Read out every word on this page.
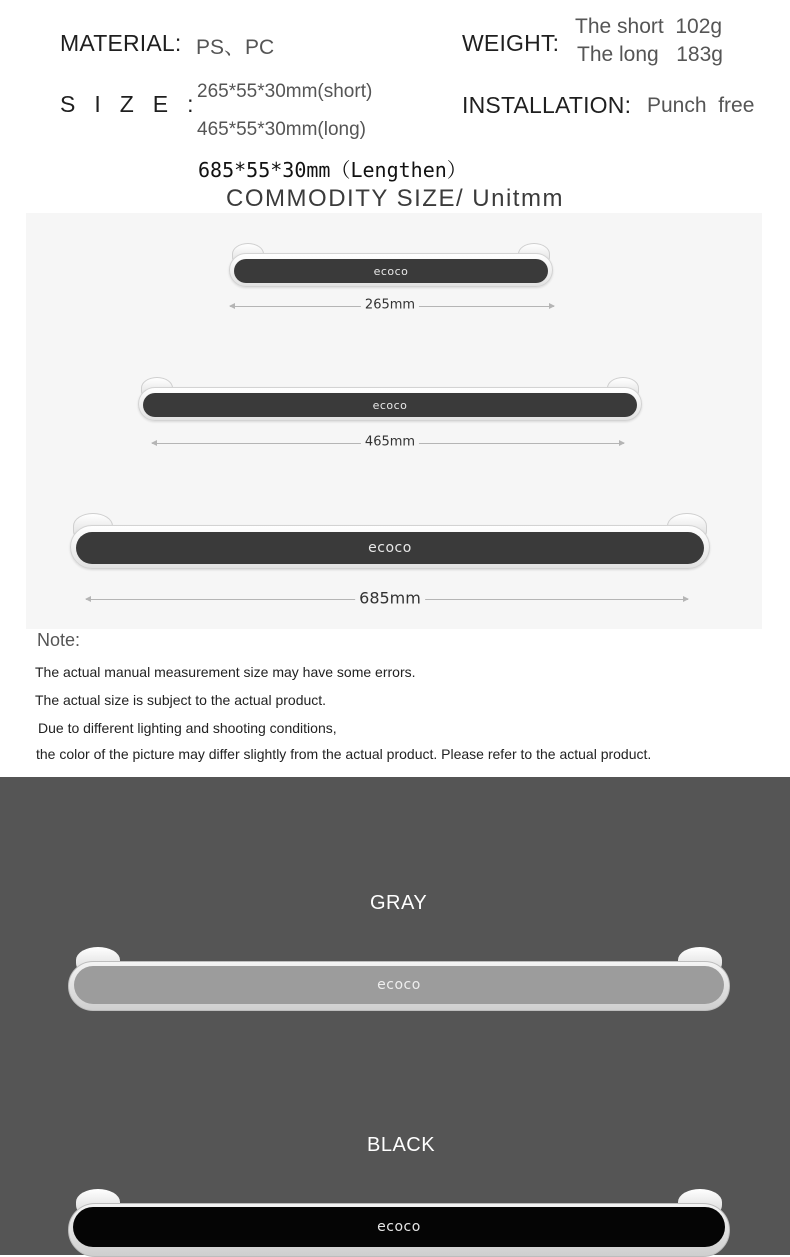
MATERIAL: PS、PC	WEIGHT:
The short  102g
The long   183g
SIZE:
265*55*30mm(short)
465*55*30mm(long)
685*55*30mm（Lengthen）
INSTALLATION: Punch  free
COMMODITY SIZE/ Unitmm
ecoco
265mm
ecoco
465mm
ecoco
685mm
Note:
The actual manual measurement size may have some errors.
The actual size is subject to the actual product.
Due to different lighting and shooting conditions,
the color of the picture may differ slightly from the actual product. Please refer to the actual product.
GRAY
ecoco
BLACK
ecoco
